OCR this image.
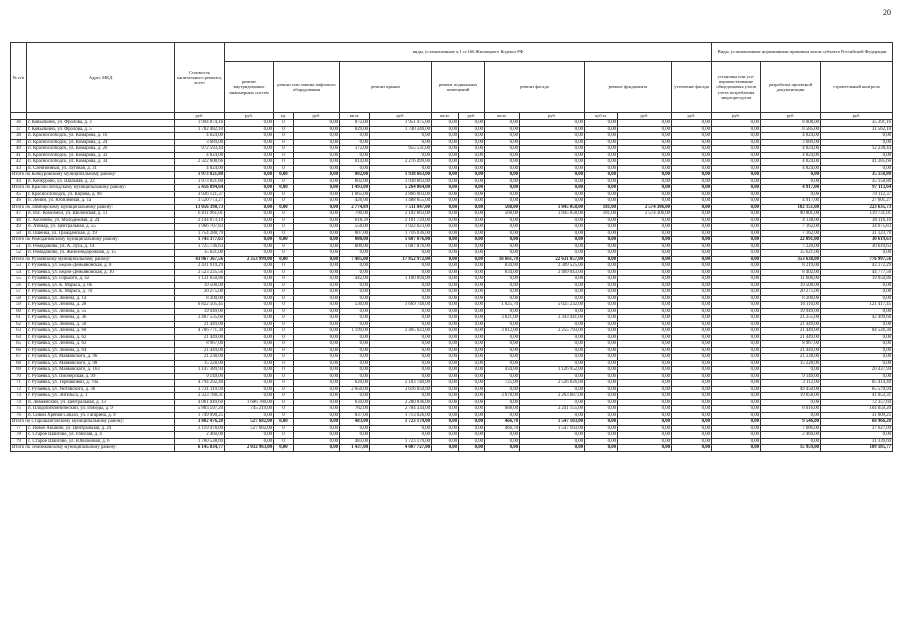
20
№ п/п	Адрес МКД	Стоимость капитального ремонта, всего	виды, установленные ч.1 ст.166 Жилищного Кодекса РФ												Виды, установленные нормативным правовым актом субъекта Российской Федерации		
			ремонт внутридомовых инженерных систем	ремонт или замена лифтового оборудования		ремонт крыши		ремонт подвальных помещений		ремонт фасада		ремонт фундамента		утепление фасада	установка или усо-вершенствование общедомовых узлов учета потребления энергоресурсов	разработка проектной документации	строительный контроль
		руб.	руб.	ед.	руб.	кв.м.	руб.	кв.м.	руб.	кв.м.	руб.	куб.м.	руб.	руб.	руб.	руб.	руб.
36	г. Ковылкино, ул. Фролова, д. 3	1 994 874,16	0,00	0	0,00	872,00	1 951 475,00	0,00	0,00	0,00	0,00	0,00	0,00	0,00	0,00	8 008,00	35 391,16
37	г. Ковылкино, ул. Фролова, д. 5	1 782 482,10	0,00	0	0,00	829,00	1 740 340,00	0,00	0,00	0,00	0,00	0,00	0,00	0,00	0,00	8 585,00	31 562,10
38	п. Краснослободск, ул. Комарова, д. 16	4 824,00	0,00	0	0,00	0,00	0,00	0,00	0,00	0,00	0,00	0,00	0,00	0,00	0,00	4 824,00	0,00
39	п. Краснослободск, ул. Комарова, д. 24	3 689,00	0,00	0	0,00	0,00	0,00	0,00	0,00	0,00	0,00	0,00	0,00	0,00	0,00	3 689,00	0,00
40	п. Краснослободск, ул. Комарова, д. 26	972 593,44	0,00	0	0,00	372,00	955 531,00	0,00	0,00	0,00	0,00	0,00	0,00	0,00	0,00	4 824,00	12 238,44
41	п. Краснослободск, ул. Комарова, д. 32	4 824,00	0,00	0	0,00	0,00	0,00	0,00	0,00	0,00	0,00	0,00	0,00	0,00	0,00	4 824,00	0,00
42	п. Краснослободск, ул. Комарова, д. 34	2 322 608,66	0,00	0	0,00	814,00	2 276 499,00	0,00	0,00	0,00	0,00	0,00	0,00	0,00	0,00	4 824,00	41 285,66
43	п. Слепнойный, ул. Луговая, д. 31	4 824,00	0,00	0	0,00	0,00	0,00	0,00	0,00	0,00	0,00	0,00	0,00	0,00	0,00	4 824,00	0,00
Итого по Кочкуровскому муниципальному району:		1 973 821,80	0,00	0,00	0,00	802,00	1 938 663,00	0,00	0,00	0,00	0,00	0,00	0,00	0,00	0,00	0,00	35 158,80
44	п. Кочкурово, ул. Шальная, д. 22	1 973 821,80	0,00	0	0,00	802,00	1 938 663,00	0,00	0,00	0,00	0,00	0,00	0,00	0,00	0,00	0,00	35 158,80
Итого по Краснослободскому муниципальному району:		5 456 894,64	0,00	0,00	0,00	1 493,00	5 264 864,00	0,00	0,00	0,00	0,00	0,00	0,00	0,00	0,00	4 917,00	97 113,64
45	г. Краснослободск, ул. Кирова, д. 98	3 936 121,37	0,00	0	0,00	1 065,00	3 866 003,00	0,00	0,00	0,00	0,00	0,00	0,00	0,00	0,00	0,00	70 112,37
46	п. Ленин, ул. Юбилейная, д. 1а	1 520 773,27	0,00	0	0,00	426,00	1 488 855,00	0,00	0,00	0,00	0,00	0,00	0,00	0,00	0,00	4 917,00	27 001,27
Итого по Лямбирскому муниципальному району:		13 056 398,73	0,00	0,00	0,00	2 774,89	7 511 847,00	0,00	0,00	568,00	1 845 058,00	181,00	2 574 306,00	0,00	0,00	102 151,00	223 635,73
47	п. пос. Комсомол, ул. Шелонская, д. 11	6 811 961,01	0,00	0	0,00	790,00	2 182 063,00	0,00	0,00	568,00	1 845 058,00	181,00	2 574 306,00	0,00	0,00	90 801,00	119 731,01
48	с. Аксёново, ул. Молодёжная, д. 24	2 144 073,10	0,00	0	0,00	618,39	2 101 729,00	0,00	0,00	0,00	0,00	0,00	0,00	0,00	0,00	4 138,00	38 116,10
49	п. Атемар, ул. Центральная, д. 55	1 966 707,83	0,00	0	0,00	558,00	1 922 023,00	0,00	0,00	0,00	0,00	0,00	0,00	0,00	0,00	7 162,00	34 675,83
50	п. Пшёнка, ул. Гражданская, д. 19	1 754 288,79	0,00	0	0,00	807,00	1 716 036,00	0,00	0,00	0,00	0,00	0,00	0,00	0,00	0,00	7 162,00	31 123,79
Итого по Ромодановскому муниципальному району:		1 743 377,63	0,00	0,00	0,00	800,00	1 687 876,00	0,00	0,00	0,00	0,00	0,00	0,00	0,00	0,00	22 891,00	30 619,63
51	п. Ромоданово, ул. А. Луса, д. 14	1 725 736,63	0,00	0	0,00	800,00	1 687 876,00	0,00	0,00	0,00	0,00	0,00	0,00	0,00	0,00	7 220,00	30 610,63
52	п. Ромоданово, ул. Железнодорожная, д. 15	15 621,00	0,00	0	0,00	0,00	0,00	0,00	0,00	0,00	0,00	0,00	0,00	0,00	0,00	15 621,00	0,00
Итого по Рузаевскому муниципальному району:		43 967 367,56	2 353 999,00	0,00	0,00	7 485,00	17 852 972,00	0,00	0,00	16 661,70	22 631 857,00	0,00	0,00	0,00	0,00	353 638,00	776 997,56
53	г. Рузаевка, ул. Бедно-Демьяновская, д. 8	2 431 919,29	0,00	0	0,00	0,00	0,00	0,00	0,00	834,00	2 389 525,00	0,00	0,00	0,00	0,00	8 219,00	43 172,29
54	г. Рузаевка, ул. Бедно-Демьяновская, д. 10	2 523 225,56	0,00	0	0,00	0,00	0,00	0,00	0,00	834,00	2 469 043,00	0,00	0,00	0,00	0,00	8 402,00	44 777,56
55	г. Рузаевка, ул. Горького, д. 42	1 131 650,86	0,00	0	0,00	442,00	1 100 094,00	0,00	0,00	0,00	0,00	0,00	0,00	0,00	0,00	11 606,00	19 950,86
56	г. Рузаевка, ул. К. Маркса, д. 6б	19 508,00	0,00	0	0,00	0,00	0,00	0,00	0,00	0,00	0,00	0,00	0,00	0,00	0,00	19 508,00	0,00
57	г. Рузаевка, ул. К. Маркса, д. 70	20 275,00	0,00	0	0,00	0,00	0,00	0,00	0,00	0,00	0,00	0,00	0,00	0,00	0,00	20 275,00	0,00
58	г. Рузаевка, ул. Ленина, д. 14	8 200,00	0,00	0	0,00	0,00	0,00	0,00	0,00	0,00	0,00	0,00	0,00	0,00	0,00	8 200,00	0,00
59	г. Рузаевка, ул. Ленина, д. 28	6 822 505,45	0,00	0	0,00	530,00	1 669 748,00	0,00	0,00	1 825,70	5 025 232,00	0,00	0,00	0,00	0,00	16 110,00	121 417,45
60	г. Рузаевка, ул. Ленина, д. 55	19 949,00	0,00	0	0,00	0,00	0,00	0,00	0,00	0,00	0,00	0,00	0,00	0,00	0,00	19 949,00	0,00
61	г. Рузаевка, ул. Ленина, д. 36	2 407 535,60	0,00	0	0,00	0,00	0,00	0,00	0,00	3 821,00	2 343 441,00	0,00	0,00	0,00	0,00	21 255,00	42 499,60
62	г. Рузаевка, ул. Ленина, д. 58	21 449,00	0,00	0	0,00	0,00	0,00	0,00	0,00	0,00	0,00	0,00	0,00	0,00	0,00	21 449,00	0,00
63	г. Рузаевка, ул. Ленина, д. 60	4 766 771,30	0,00	0	0,00	1 199,00	2 405 023,00	0,00	0,00	3 812,00	2 255 793,00	0,00	0,00	0,00	0,00	21 449,00	84 526,30
64	г. Рузаевка, ул. Ленина, д. 62	21 449,00	0,00	0	0,00	0,00	0,00	0,00	0,00	0,00	0,00	0,00	0,00	0,00	0,00	21 449,00	0,00
65	г. Рузаевка, ул. Ленина, д. 63	8 967,00	0,00	0	0,00	0,00	0,00	0,00	0,00	0,00	0,00	0,00	0,00	0,00	0,00	8 967,00	0,00
66	г. Рузаевка, ул. Ленина, д. 64	21 449,00	0,00	0	0,00	0,00	0,00	0,00	0,00	0,00	0,00	0,00	0,00	0,00	0,00	21 449,00	0,00
67	г. Рузаевка, ул. Маяковского, д. 96	21 238,00	0,00	0	0,00	0,00	0,00	0,00	0,00	0,00	0,00	0,00	0,00	0,00	0,00	21 238,00	0,00
68	г. Рузаевка, ул. Маяковского, д. 98	15 228,00	0,00	0	0,00	0,00	0,00	0,00	0,00	0,00	0,00	0,00	0,00	0,00	0,00	15 228,00	0,00
69	г. Рузаевка, ул. Маяковского, д. 163	1 147 389,94	0,00	0	0,00	0,00	0,00	0,00	0,00	434,00	1 126 952,00	0,00	0,00	0,00	0,00	0,00	20 437,94
70	г. Рузаевка, ул. Пионерская, д. 99	9 149,00	0,00	0	0,00	0,00	0,00	0,00	0,00	0,00	0,00	0,00	0,00	0,00	0,00	9 149,00	0,00
71	г. Рузаевка, ул. Терешковой, д. 70а	4 794 292,40	0,00	0	0,00	620,00	2 183 740,00	0,00	0,00	725,00	2 526 026,00	0,00	0,00	0,00	0,00	3 112,00	85 414,40
72	г. Рузаевка, ул. Уютовского, д. 30	3 731 119,94	0,00	0	0,00	2 050,00	3 616 050,00	0,00	0,00	0,00	0,00	0,00	0,00	0,00	0,00	49 450,00	65 579,94
73	г. Рузаевка, ул. Энгельса, д. 1	2 323 788,31	0,00	0	0,00	0,00	0,00	0,00	0,00	3 678,00	2 263 687,00	0,00	0,00	0,00	0,00	19 058,00	41 053,31
74	п. Левженский, ул. Центральная, д. 13	4 061 949,69	1 606 780,00	0	0,00	634,00	2 280 836,00	0,00	0,00	0,00	0,00	0,00	0,00	0,00	0,00	0,00	72 357,69
75	п. Плодопитомнический, ул. Победы, д. 9	5 883 597,20	745 219,00	0	0,00	782,00	2 784 334,00	0,00	0,00	688,00	2 241 155,00	0,00	0,00	0,00	0,00	8 016,00	104 059,20
76	п. Сивой Хрёнов Совхоз, ул. Гагарина, д. 9	1 749 990,25	0,00	0	0,00	837,00	1 713 026,00	0,00	0,00	0,00	0,00	0,00	0,00	0,00	0,00	0,00	31 009,25
Итого по Старошайговскому муниципальному району:		3 882 476,28	527 682,00	0,00	0,00	483,00	1 723 179,00	0,00	0,00	466,70	1 547 103,00	0,00	0,00	0,00	0,00	9 546,00	68 966,28
77	с. Новое Акшино, ул. Центральная, д. 24	2 119 478,09	527 682,00	0	0,00	0,00	0,00	0,00	0,00	466,70	1 547 103,00	0,00	0,00	0,00	0,00	7 086,00	37 627,09
78	с. Старое Шайгово, ул. Рабочая, д. 4	2 460,00	0,00	0	0,00	0,00	0,00	0,00	0,00	0,00	0,00	0,00	0,00	0,00	0,00	2 460,00	0,00
79	с. Старое Шайгово, ул. Юбилейная, д. 6	1 760 538,69	0,00	0	0,00	483,00	1 723 179,00	0,00	0,00	0,00	0,00	0,00	0,00	0,00	0,00	0,00	31 339,69
Итого по Темниковскому муниципальному району:		6 145 834,77	2 032 963,00	0,00	0,00	1 437,00	4 007 727,00	0,00	0,00	0,00	0,00	0,00	0,00	0,00	0,00	15 959,00	109 185,77
